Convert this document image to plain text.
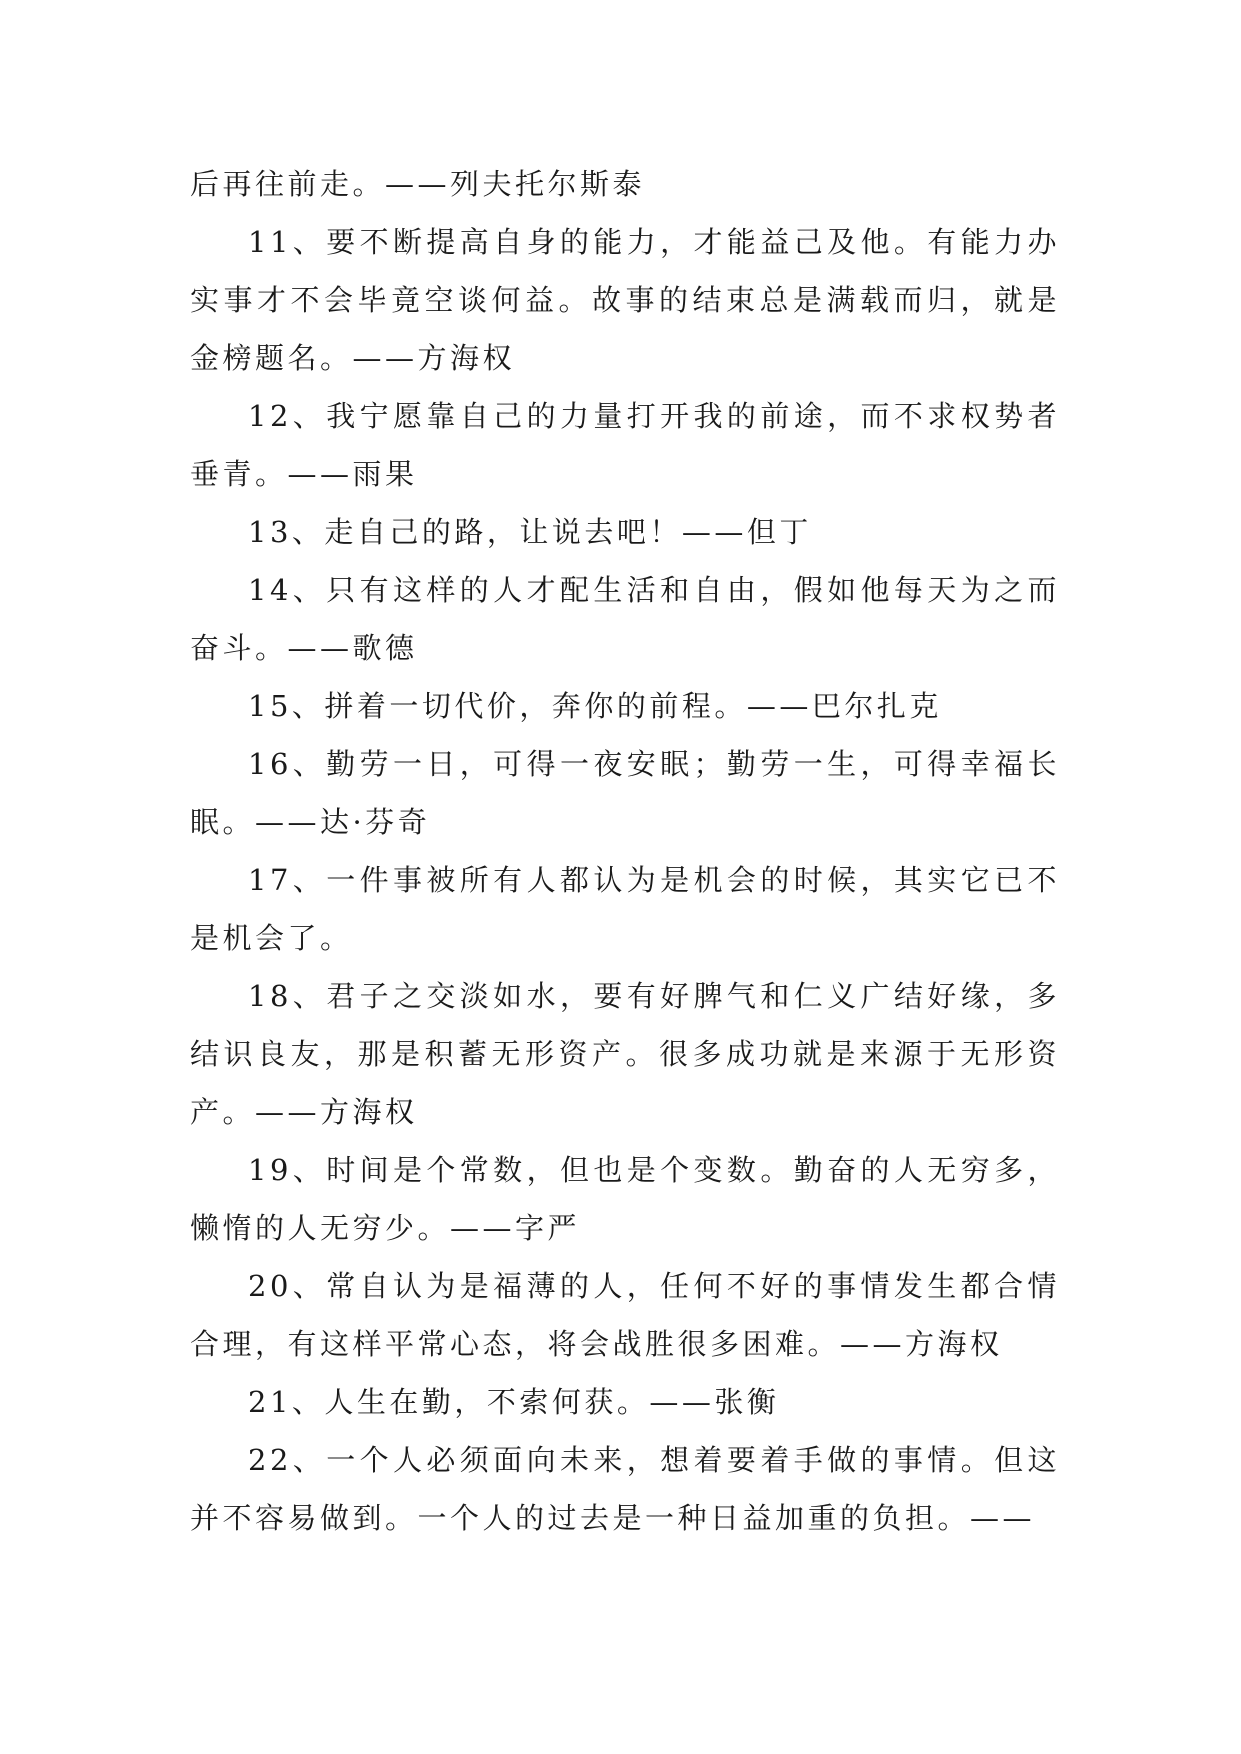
后再往前走。——列夫托尔斯泰

11、要不断提高自身的能力，才能益己及他。有能力办实事才不会毕竟空谈何益。故事的结束总是满载而归，就是金榜题名。——方海权

12、我宁愿靠自己的力量打开我的前途，而不求权势者垂青。——雨果

13、走自己的路，让说去吧！——但丁

14、只有这样的人才配生活和自由，假如他每天为之而奋斗。——歌德

15、拼着一切代价，奔你的前程。——巴尔扎克

16、勤劳一日，可得一夜安眠；勤劳一生，可得幸福长眠。——达·芬奇

17、一件事被所有人都认为是机会的时候，其实它已不是机会了。

18、君子之交淡如水，要有好脾气和仁义广结好缘，多结识良友，那是积蓄无形资产。很多成功就是来源于无形资产。——方海权

19、时间是个常数，但也是个变数。勤奋的人无穷多，懒惰的人无穷少。——字严

20、常自认为是福薄的人，任何不好的事情发生都合情合理，有这样平常心态，将会战胜很多困难。——方海权

21、人生在勤，不索何获。——张衡

22、一个人必须面向未来，想着要着手做的事情。但这并不容易做到。一个人的过去是一种日益加重的负担。——
